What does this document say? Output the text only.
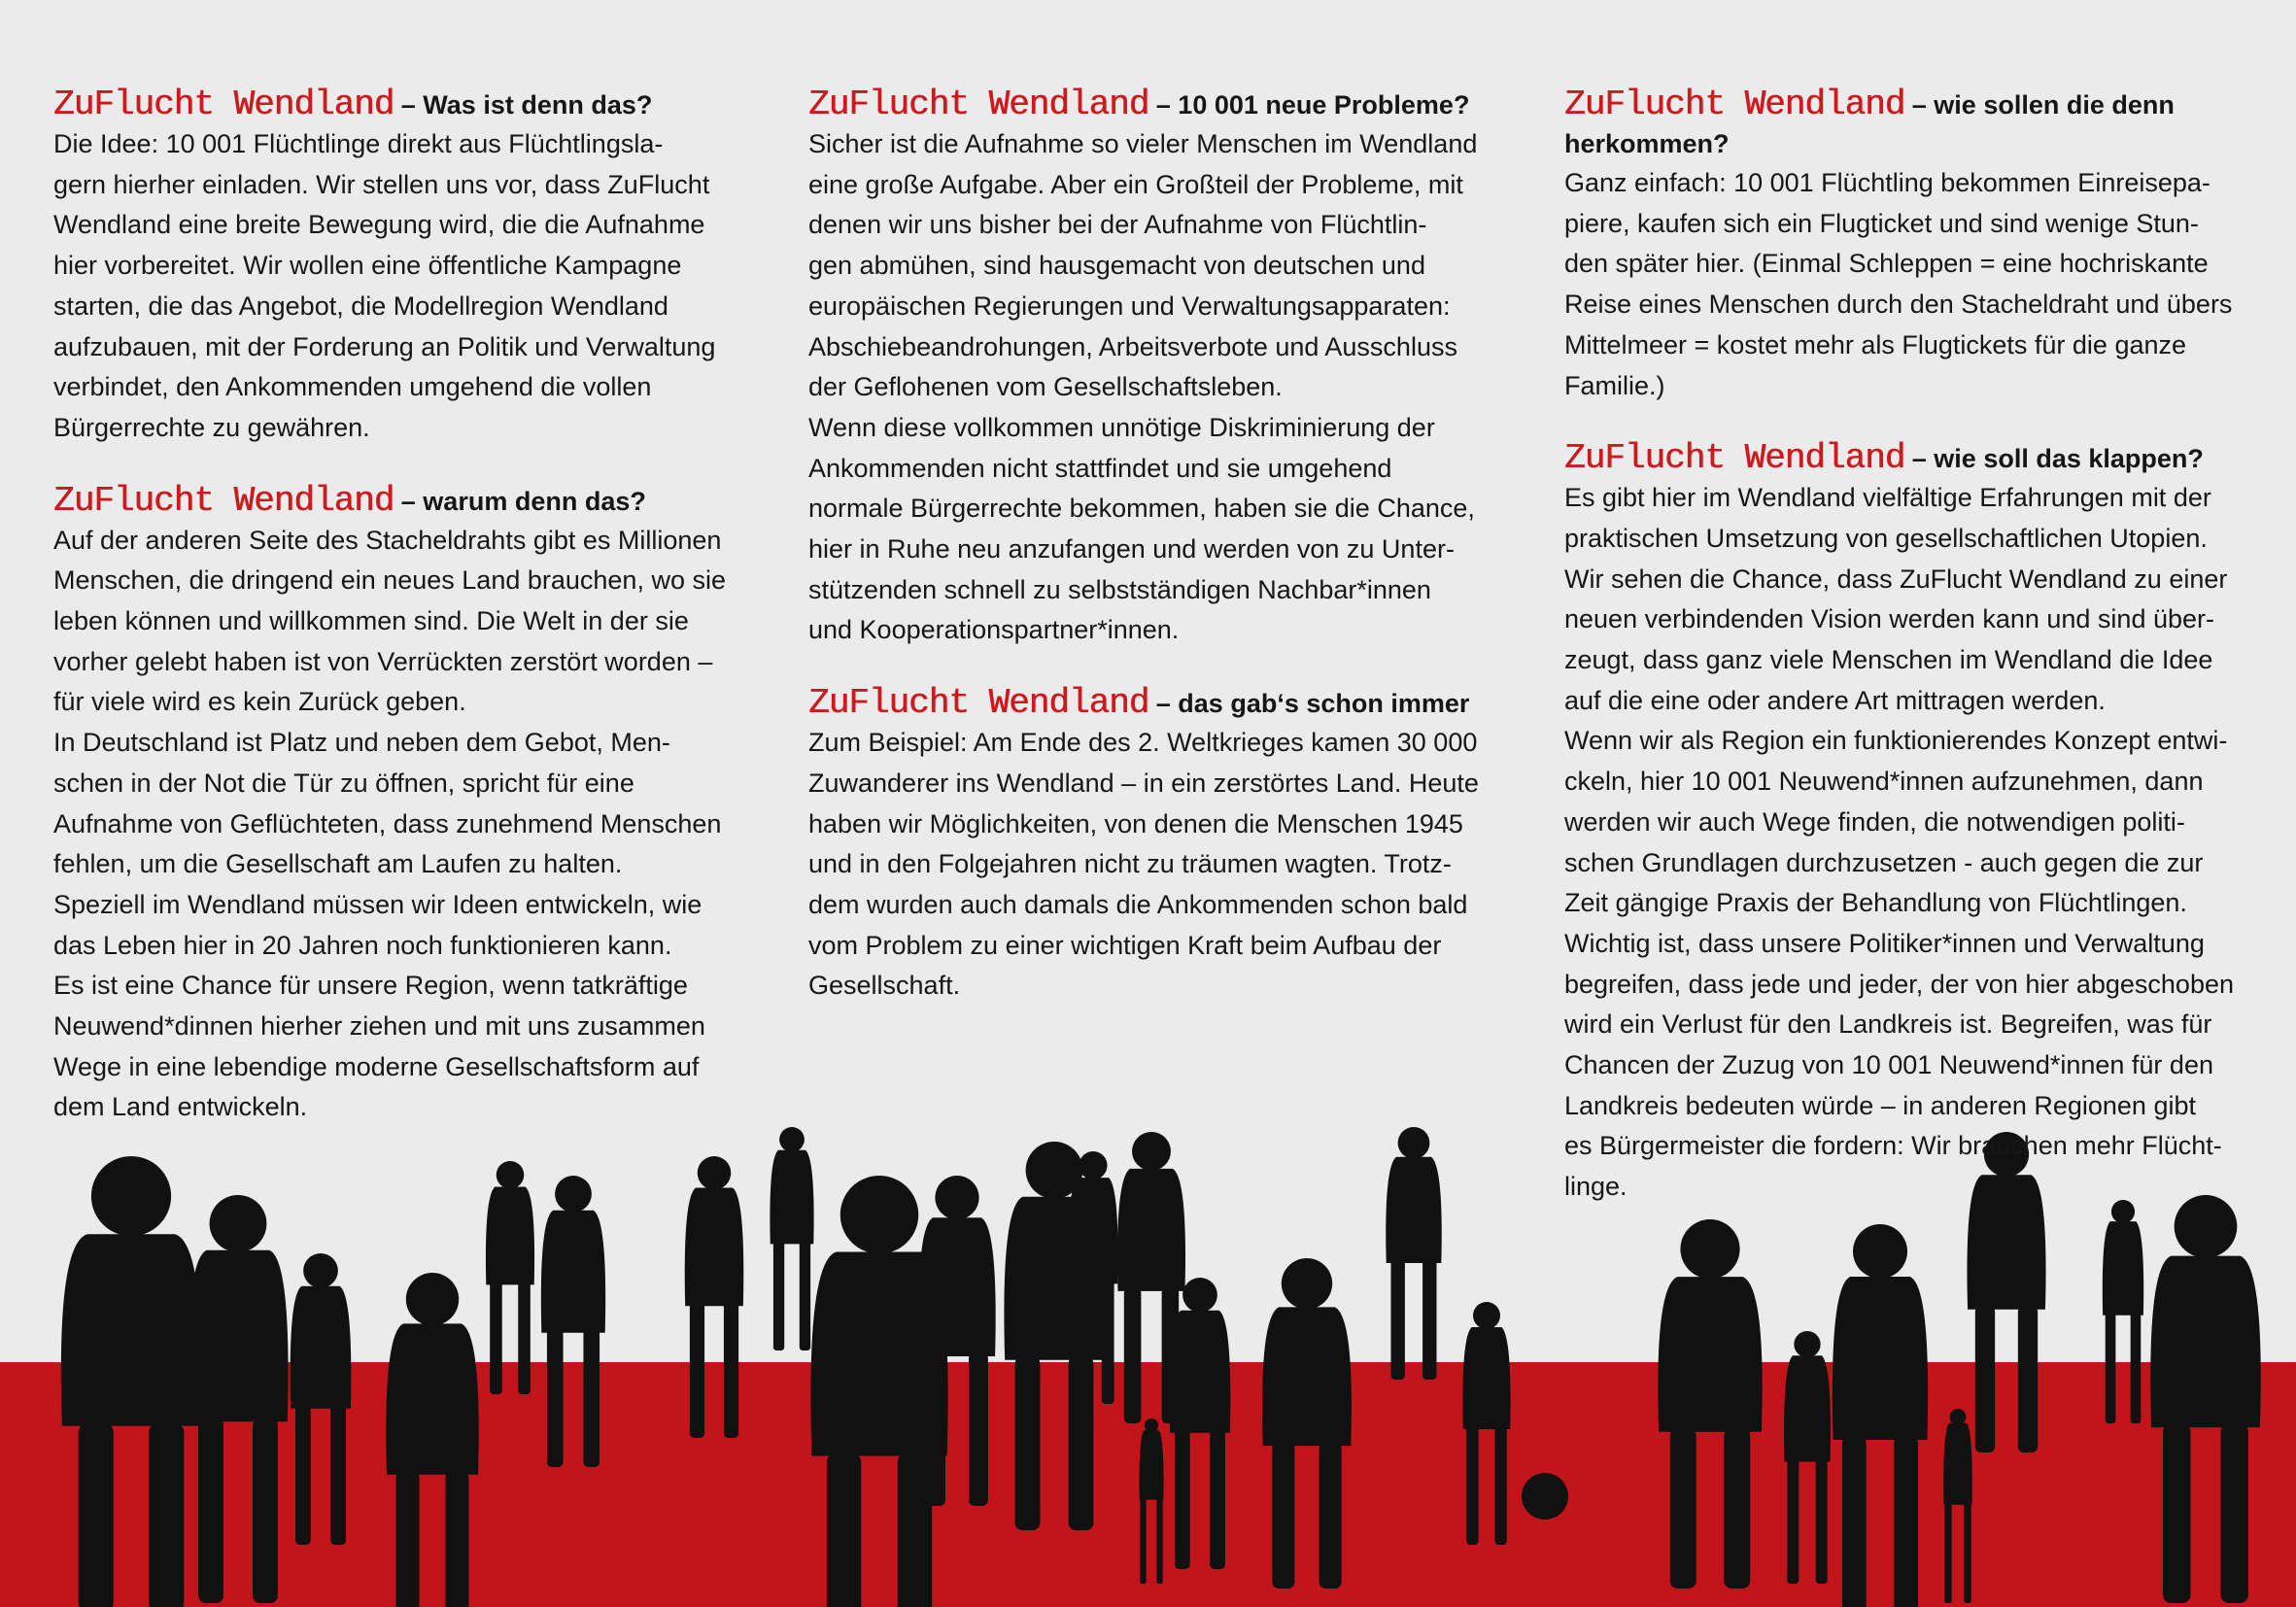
ZuFlucht Wendland – Was ist denn das?

Die Idee: 10 001 Flüchtlinge direkt aus Flüchtlingsla-
gern hierher einladen. Wir stellen uns vor, dass ZuFlucht
Wendland eine breite Bewegung wird, die die Aufnahme
hier vorbereitet. Wir wollen eine öffentliche Kampagne
starten, die das Angebot, die Modellregion Wendland
aufzubauen, mit der Forderung an Politik und Verwaltung
verbindet, den Ankommenden umgehend die vollen
Bürgerrechte zu gewähren.

ZuFlucht Wendland – warum denn das?

Auf der anderen Seite des Stacheldrahts gibt es Millionen
Menschen, die dringend ein neues Land brauchen, wo sie
leben können und willkommen sind. Die Welt in der sie
vorher gelebt haben ist von Verrückten zerstört worden –
für viele wird es kein Zurück geben.
In Deutschland ist Platz und neben dem Gebot, Men-
schen in der Not die Tür zu öffnen, spricht für eine
Aufnahme von Geflüchteten, dass zunehmend Menschen
fehlen, um die Gesellschaft am Laufen zu halten.
Speziell im Wendland müssen wir Ideen entwickeln, wie
das Leben hier in 20 Jahren noch funktionieren kann.
Es ist eine Chance für unsere Region, wenn tatkräftige
Neuwend*dinnen hierher ziehen und mit uns zusammen
Wege in eine lebendige moderne Gesellschaftsform auf
dem Land entwickeln.

ZuFlucht Wendland – 10 001 neue Probleme?

Sicher ist die Aufnahme so vieler Menschen im Wendland
eine große Aufgabe. Aber ein Großteil der Probleme, mit
denen wir uns bisher bei der Aufnahme von Flüchtlin-
gen abmühen, sind hausgemacht von deutschen und
europäischen Regierungen und Verwaltungsapparaten:
Abschiebeandrohungen, Arbeitsverbote und Ausschluss
der Geflohenen vom Gesellschaftsleben.
Wenn diese vollkommen unnötige Diskriminierung der
Ankommenden nicht stattfindet und sie umgehend
normale Bürgerrechte bekommen, haben sie die Chance,
hier in Ruhe neu anzufangen und werden von zu Unter-
stützenden schnell zu selbstständigen Nachbar*innen
und Kooperationspartner*innen.

ZuFlucht Wendland – das gab‘s schon immer

Zum Beispiel: Am Ende des 2. Weltkrieges kamen 30 000
Zuwanderer ins Wendland – in ein zerstörtes Land. Heute
haben wir Möglichkeiten, von denen die Menschen 1945
und in den Folgejahren nicht zu träumen wagten. Trotz-
dem wurden auch damals die Ankommenden schon bald
vom Problem zu einer wichtigen Kraft beim Aufbau der
Gesellschaft.

ZuFlucht Wendland – wie sollen die denn herkommen?

Ganz einfach: 10 001 Flüchtling bekommen Einreisepa-
piere, kaufen sich ein Flugticket und sind wenige Stun-
den später hier. (Einmal Schleppen = eine hochriskante
Reise eines Menschen durch den Stacheldraht und übers
Mittelmeer = kostet mehr als Flugtickets für die ganze
Familie.)

ZuFlucht Wendland – wie soll das klappen?

Es gibt hier im Wendland vielfältige Erfahrungen mit der
praktischen Umsetzung von gesellschaftlichen Utopien.
Wir sehen die Chance, dass ZuFlucht Wendland zu einer
neuen verbindenden Vision werden kann und sind über-
zeugt, dass ganz viele Menschen im Wendland die Idee
auf die eine oder andere Art mittragen werden.
Wenn wir als Region ein funktionierendes Konzept entwi-
ckeln, hier 10 001 Neuwend*innen aufzunehmen, dann
werden wir auch Wege finden, die notwendigen politi-
schen Grundlagen durchzusetzen - auch gegen die zur
Zeit gängige Praxis der Behandlung von Flüchtlingen.
Wichtig ist, dass unsere Politiker*innen und Verwaltung
begreifen, dass jede und jeder, der von hier abgeschoben
wird ein Verlust für den Landkreis ist. Begreifen, was für
Chancen der Zuzug von 10 001 Neuwend*innen für den
Landkreis bedeuten würde – in anderen Regionen gibt
es Bürgermeister die fordern: Wir brauchen mehr Flücht-
linge.
